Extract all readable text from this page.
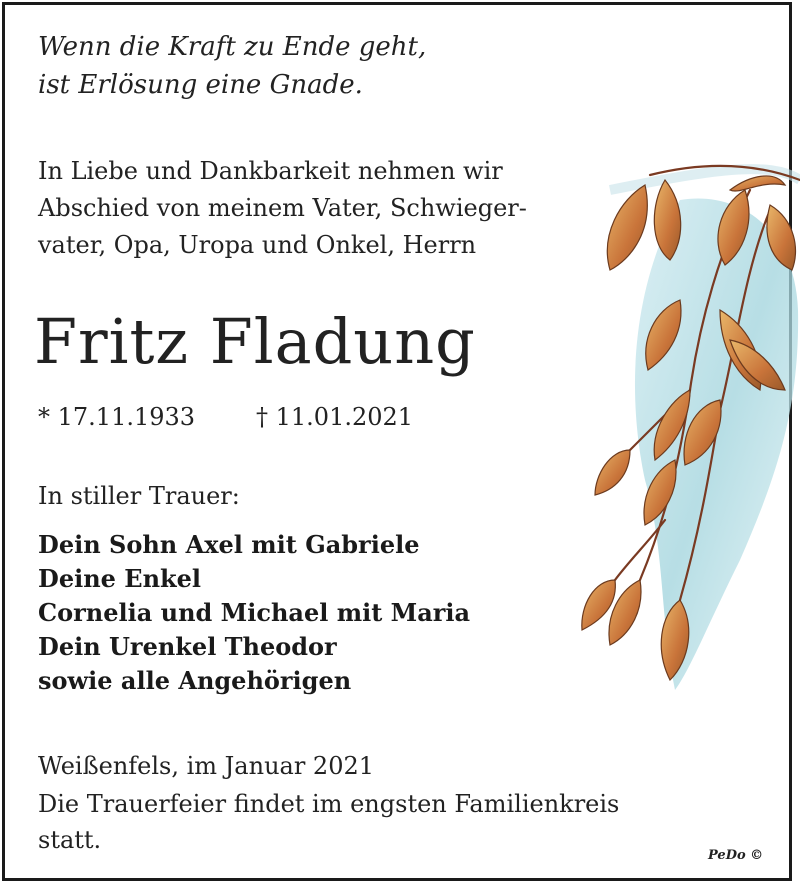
Wenn die Kraft zu Ende geht,
ist Erlösung eine Gnade.
In Liebe und Dankbarkeit nehmen wir
Abschied von meinem Vater, Schwieger-
vater, Opa, Uropa und Onkel, Herrn
Fritz Fladung
* 17.11.1933	† 11.01.2021
In stiller Trauer:
Dein Sohn Axel mit Gabriele
Deine Enkel
Cornelia und Michael mit Maria
Dein Urenkel Theodor
sowie alle Angehörigen
Weißenfels, im Januar 2021
Die Trauerfeier findet im engsten Familienkreis
statt.
PeDo ©
